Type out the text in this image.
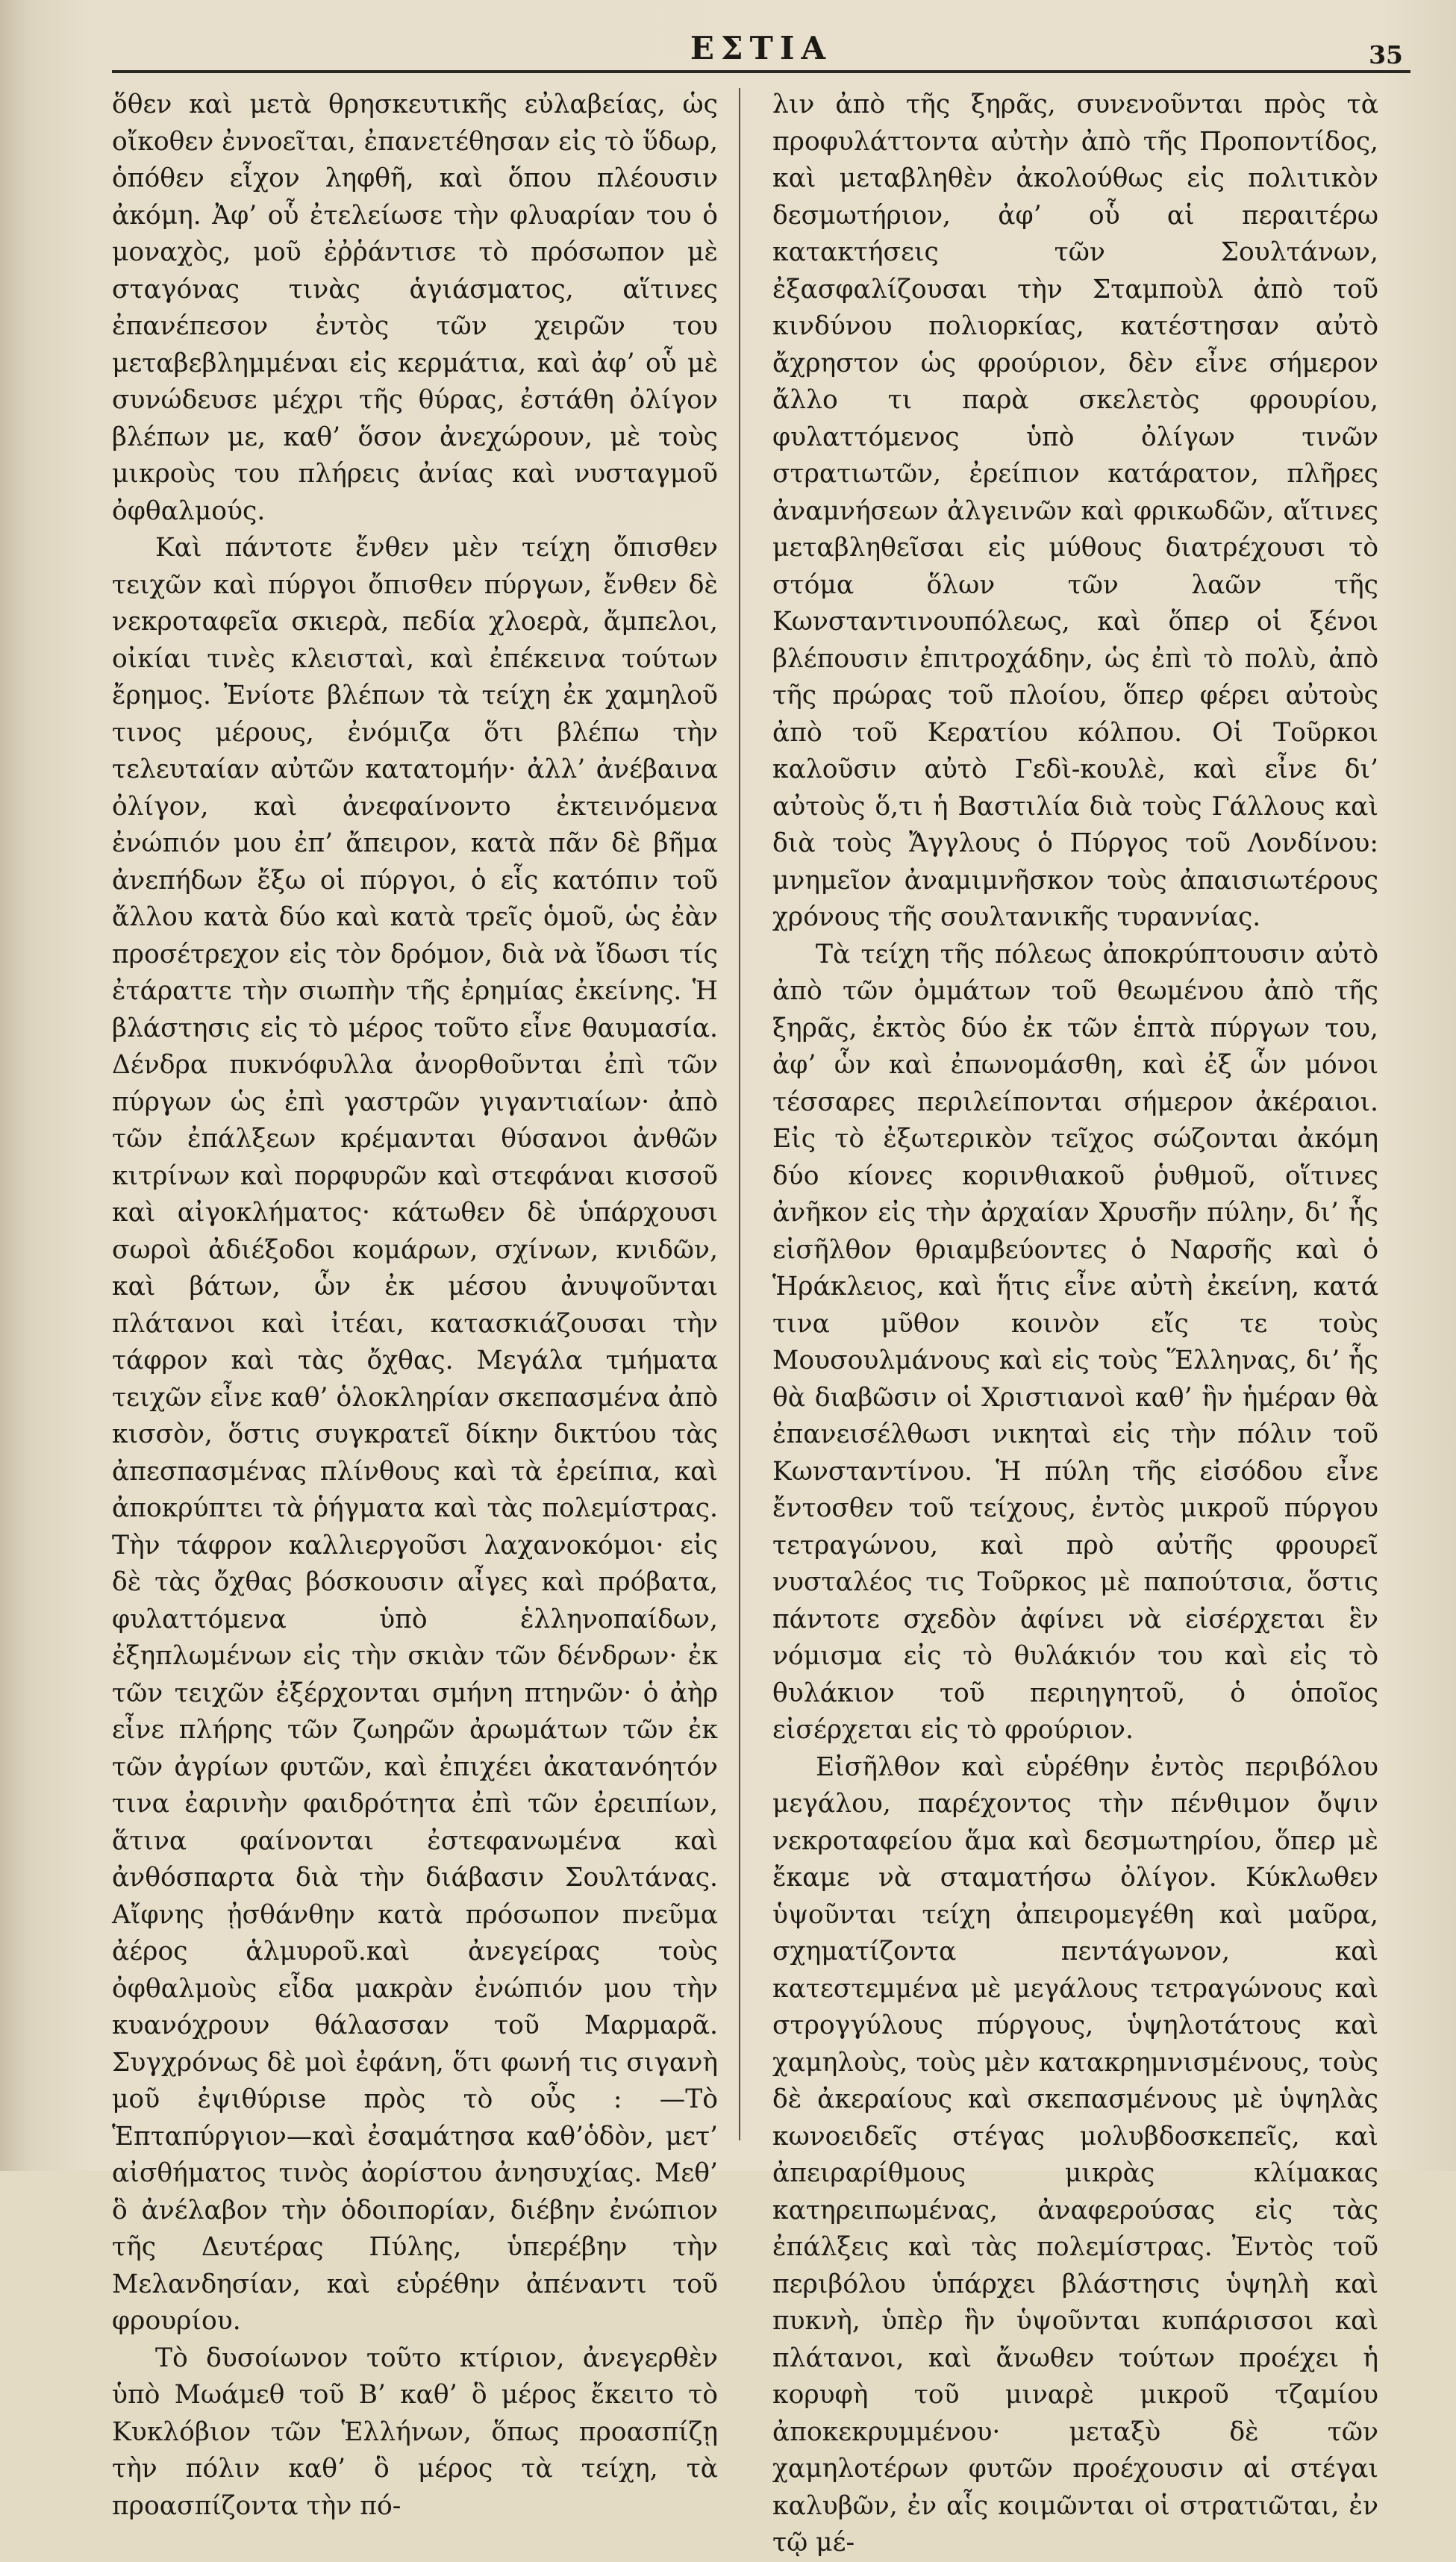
ΕΣΤΙΑ	35

ὅθεν καὶ μετὰ θρησκευτικῆς εὐλαβείας, ὡς οἴκοθεν ἐννοεῖται, ἐπανετέθησαν εἰς τὸ ὕδωρ, ὁπόθεν εἶχον ληφθῆ, καὶ ὅπου πλέουσιν ἀκόμη. Ἀφ’ οὗ ἐτελείωσε τὴν φλυαρίαν του ὁ μοναχὸς, μοῦ ἐῤῥάντισε τὸ πρόσωπον μὲ σταγόνας τινὰς ἁγιάσματος, αἵτινες ἐπανέπεσον ἐντὸς τῶν χειρῶν του μεταβεβλημμέναι εἰς κερμάτια, καὶ ἀφ’ οὗ μὲ συνώδευσε μέχρι τῆς θύρας, ἐστάθη ὀλίγον βλέπων με, καθ’ ὅσον ἀνεχώρουν, μὲ τοὺς μικροὺς του πλήρεις ἀνίας καὶ νυσταγμοῦ ὀφθαλμούς.

Καὶ πάντοτε ἔνθεν μὲν τείχη ὄπισθεν τειχῶν καὶ πύργοι ὄπισθεν πύργων, ἔνθεν δὲ νεκροταφεῖα σκιερὰ, πεδία χλοερὰ, ἄμπελοι, οἰκίαι τινὲς κλεισταὶ, καὶ ἐπέκεινα τούτων ἔρημος. Ἐνίοτε βλέπων τὰ τείχη ἐκ χαμηλοῦ τινος μέρους, ἐνόμιζα ὅτι βλέπω τὴν τελευταίαν αὐτῶν κατατομήν· ἀλλ’ ἀνέβαινα ὀλίγον, καὶ ἀνεφαίνοντο ἐκτεινόμενα ἐνώπιόν μου ἐπ’ ἄπειρον, κατὰ πᾶν δὲ βῆμα ἀνεπήδων ἔξω οἱ πύργοι, ὁ εἷς κατόπιν τοῦ ἄλλου κατὰ δύο καὶ κατὰ τρεῖς ὁμοῦ, ὡς ἐὰν προσέτρεχον εἰς τὸν δρόμον, διὰ νὰ ἴδωσι τίς ἐτάραττε τὴν σιωπὴν τῆς ἐρημίας ἐκείνης. Ἡ βλάστησις εἰς τὸ μέρος τοῦτο εἶνε θαυμασία. Δένδρα πυκνόφυλλα ἀνορθοῦνται ἐπὶ τῶν πύργων ὡς ἐπὶ γαστρῶν γιγαντιαίων· ἀπὸ τῶν ἐπάλξεων κρέμανται θύσανοι ἀνθῶν κιτρίνων καὶ πορφυρῶν καὶ στεφάναι κισσοῦ καὶ αἰγοκλήματος· κάτωθεν δὲ ὑπάρχουσι σωροὶ ἀδιέξοδοι κομάρων, σχίνων, κνιδῶν, καὶ βάτων, ὧν ἐκ μέσου ἀνυψοῦνται πλάτανοι καὶ ἰτέαι, κατασκιάζουσαι τὴν τάφρον καὶ τὰς ὄχθας. Μεγάλα τμήματα τειχῶν εἶνε καθ’ ὁλοκληρίαν σκεπασμένα ἀπὸ κισσὸν, ὅστις συγκρατεῖ δίκην δικτύου τὰς ἀπεσπασμένας πλίνθους καὶ τὰ ἐρείπια, καὶ ἀποκρύπτει τὰ ῥήγματα καὶ τὰς πολεμίστρας. Τὴν τάφρον καλλιεργοῦσι λαχανοκόμοι· εἰς δὲ τὰς ὄχθας βόσκουσιν αἶγες καὶ πρόβατα, φυλαττόμενα ὑπὸ ἑλληνοπαίδων, ἐξηπλωμένων εἰς τὴν σκιὰν τῶν δένδρων· ἐκ τῶν τειχῶν ἐξέρχονται σμήνη πτηνῶν· ὁ ἀὴρ εἶνε πλήρης τῶν ζωηρῶν ἀρωμάτων τῶν ἐκ τῶν ἀγρίων φυτῶν, καὶ ἐπιχέει ἀκατανόητόν τινα ἐαρινὴν φαιδρότητα ἐπὶ τῶν ἐρειπίων, ἅτινα φαίνονται ἐστεφανωμένα καὶ ἀνθόσπαρτα διὰ τὴν διάβασιν Σουλτάνας. Αἴφνης ᾐσθάνθην κατὰ πρόσωπον πνεῦμα ἀέρος ἁλμυροῦ.καὶ ἀνεγείρας τοὺς ὀφθαλμοὺς εἶδα μακρὰν ἐνώπιόν μου τὴν κυανόχρουν θάλασσαν τοῦ Μαρμαρᾶ. Συγχρόνως δὲ μοὶ ἐφάνη, ὅτι φωνή τις σιγανὴ μοῦ ἐψιθύριse πρὸς τὸ οὖς : —Τὸ Ἑπταπύργιον—καὶ ἐσαμάτησα καθ’ὁδὸν, μετ’ αἰσθήματος τινὸς ἀορίστου ἀνησυχίας. Μεθ’ ὃ ἀνέλαβον τὴν ὁδοιπορίαν, διέβην ἐνώπιον τῆς Δευτέρας Πύλης, ὑπερέβην τὴν Μελανδησίαν, καὶ εὑρέθην ἀπέναντι τοῦ φρουρίου.

Τὸ δυσοίωνον τοῦτο κτίριον, ἀνεγερθὲν ὑπὸ Μωάμεθ τοῦ Β’ καθ’ ὃ μέρος ἔκειτο τὸ Κυκλόβιον τῶν Ἑλλήνων, ὅπως προασπίζῃ τὴν πόλιν καθ’ ὃ μέρος τὰ τείχη, τὰ προασπίζοντα τὴν πό-

λιν ἀπὸ τῆς ξηρᾶς, συνενοῦνται πρὸς τὰ προφυλάττοντα αὐτὴν ἀπὸ τῆς Προποντίδος, καὶ μεταβληθὲν ἀκολούθως εἰς πολιτικὸν δεσμωτήριον, ἀφ’ οὗ αἱ περαιτέρω κατακτήσεις τῶν Σουλτάνων, ἐξασφαλίζουσαι τὴν Σταμποὺλ ἀπὸ τοῦ κινδύνου πολιορκίας, κατέστησαν αὐτὸ ἄχρηστον ὡς φρούριον, δὲν εἶνε σήμερον ἄλλο τι παρὰ σκελετὸς φρουρίου, φυλαττόμενος ὑπὸ ὀλίγων τινῶν στρατιωτῶν, ἐρείπιον κατάρατον, πλῆρες ἀναμνήσεων ἀλγεινῶν καὶ φρικωδῶν, αἵτινες μεταβληθεῖσαι εἰς μύθους διατρέχουσι τὸ στόμα ὅλων τῶν λαῶν τῆς Κωνσταντινουπόλεως, καὶ ὅπερ οἱ ξένοι βλέπουσιν ἐπιτροχάδην, ὡς ἐπὶ τὸ πολὺ, ἀπὸ τῆς πρώρας τοῦ πλοίου, ὅπερ φέρει αὐτοὺς ἀπὸ τοῦ Κερατίου κόλπου. Οἱ Τοῦρκοι καλοῦσιν αὐτὸ Γεδὶ-κουλὲ, καὶ εἶνε δι’ αὐτοὺς ὅ,τι ἡ Βαστιλία διὰ τοὺς Γάλλους καὶ διὰ τοὺς Ἄγγλους ὁ Πύργος τοῦ Λονδίνου: μνημεῖον ἀναμιμνῆσκον τοὺς ἀπαισιωτέρους χρόνους τῆς σουλτανικῆς τυραννίας.

Τὰ τείχη τῆς πόλεως ἀποκρύπτουσιν αὐτὸ ἀπὸ τῶν ὀμμάτων τοῦ θεωμένου ἀπὸ τῆς ξηρᾶς, ἐκτὸς δύο ἐκ τῶν ἑπτὰ πύργων του, ἀφ’ ὧν καὶ ἐπωνομάσθη, καὶ ἐξ ὧν μόνοι τέσσαρες περιλείπονται σήμερον ἀκέραιοι. Εἰς τὸ ἐξωτερικὸν τεῖχος σώζονται ἀκόμη δύο κίονες κορινθιακοῦ ῥυθμοῦ, οἵτινες ἀνῆκον εἰς τὴν ἀρχαίαν Χρυσῆν πύλην, δι’ ἧς εἰσῆλθον θριαμβεύοντες ὁ Ναρσῆς καὶ ὁ Ἡράκλειος, καὶ ἥτις εἶνε αὐτὴ ἐκείνη, κατά τινα μῦθον κοινὸν εἴς τε τοὺς Μουσουλμάνους καὶ εἰς τοὺς Ἕλληνας, δι’ ἧς θὰ διαβῶσιν οἱ Χριστιανοὶ καθ’ ἣν ἡμέραν θὰ ἐπανεισέλθωσι νικηταὶ εἰς τὴν πόλιν τοῦ Κωνσταντίνου. Ἡ πύλη τῆς εἰσόδου εἶνε ἔντοσθεν τοῦ τείχους, ἐντὸς μικροῦ πύργου τετραγώνου, καὶ πρὸ αὐτῆς φρουρεῖ νυσταλέος τις Τοῦρκος μὲ παπούτσια, ὅστις πάντοτε σχεδὸν ἀφίνει νὰ εἰσέρχεται ἓν νόμισμα εἰς τὸ θυλάκιόν του καὶ εἰς τὸ θυλάκιον τοῦ περιηγητοῦ, ὁ ὁποῖος εἰσέρχεται εἰς τὸ φρούριον.

Εἰσῆλθον καὶ εὑρέθην ἐντὸς περιβόλου μεγάλου, παρέχοντος τὴν πένθιμον ὄψιν νεκροταφείου ἅμα καὶ δεσμωτηρίου, ὅπερ μὲ ἔκαμε νὰ σταματήσω ὀλίγον. Κύκλωθεν ὑψοῦνται τείχη ἀπειρομεγέθη καὶ μαῦρα, σχηματίζοντα πεντάγωνον, καὶ κατεστεμμένα μὲ μεγάλους τετραγώνους καὶ στρογγύλους πύργους, ὑψηλοτάτους καὶ χαμηλοὺς, τοὺς μὲν κατακρημνισμένους, τοὺς δὲ ἀκεραίους καὶ σκεπασμένους μὲ ὑψηλὰς κωνοειδεῖς στέγας μολυβδοσκεπεῖς, καὶ ἀπειραρίθμους μικρὰς κλίμακας κατηρειπωμένας, ἀναφερούσας εἰς τὰς ἐπάλξεις καὶ τὰς πολεμίστρας. Ἐντὸς τοῦ περιβόλου ὑπάρχει βλάστησις ὑψηλὴ καὶ πυκνὴ, ὑπὲρ ἣν ὑψοῦνται κυπάρισσοι καὶ πλάτανοι, καὶ ἄνωθεν τούτων προέχει ἡ κορυφὴ τοῦ μιναρὲ μικροῦ τζαμίου ἀποκεκρυμμένου· μεταξὺ δὲ τῶν χαμηλοτέρων φυτῶν προέχουσιν αἱ στέγαι καλυβῶν, ἐν αἷς κοιμῶνται οἱ στρατιῶται, ἐν τῷ μέ-
